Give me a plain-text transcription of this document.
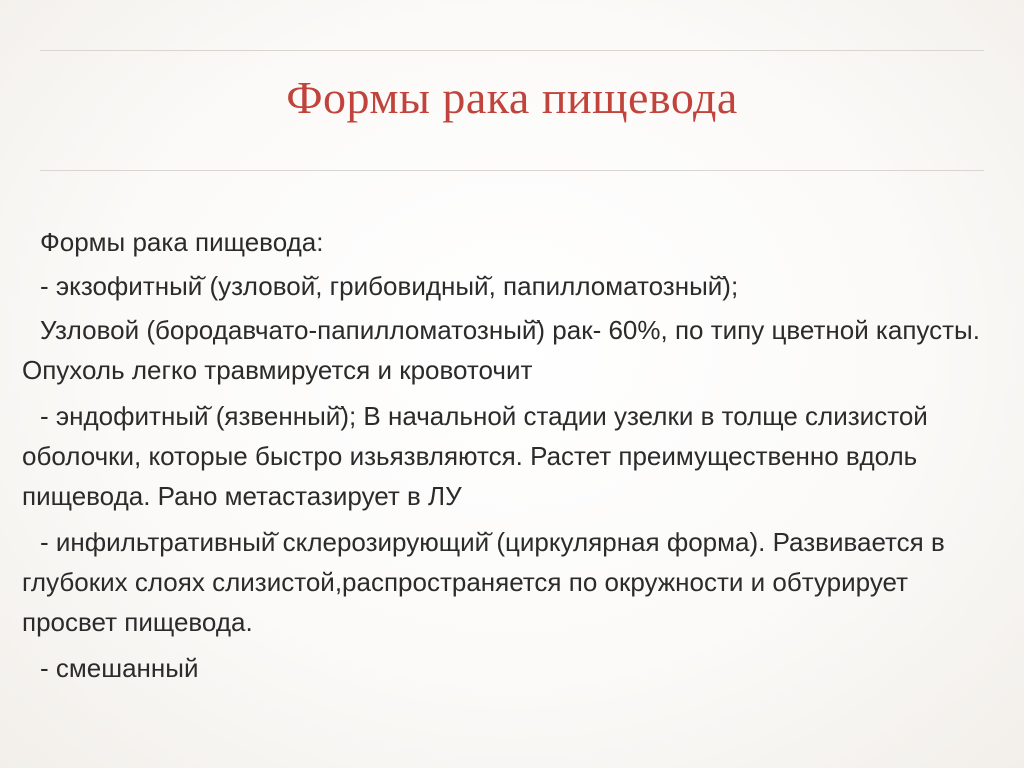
Формы рака пищевода

Формы рака пищевода:

- экзофитный̆ (узловой̆, грибовидный̆, папилломатозный̆);

Узловой (бородавчато-папилломатозный̆) рак- 60%, по типу цветной капусты. Опухоль легко травмируется и кровоточит

- эндофитный̆ (язвенный̆); В начальной стадии узелки в толще слизистой оболочки, которые быстро изьязвляются. Растет преимущественно вдоль пищевода. Рано метастазирует в ЛУ

- инфильтративный̆ склерозирующий̆ (циркулярная форма). Развивается в глубоких слоях слизистой,распространяется по окружности и обтурирует просвет пищевода.

- смешанный
